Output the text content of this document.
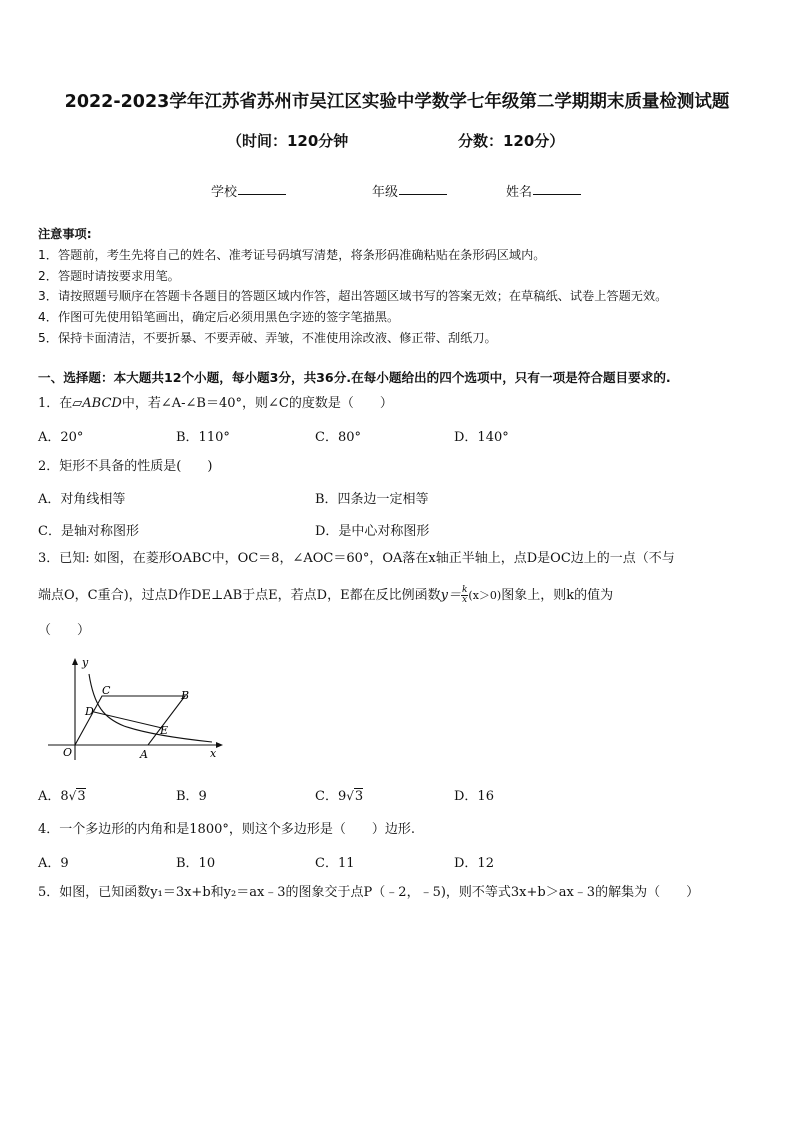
2022-2023学年江苏省苏州市吴江区实验中学数学七年级第二学期期末质量检测试题
（时间：120分钟	分数：120分）
学校	年级	姓名
注意事项:
1．答题前，考生先将自己的姓名、准考证号码填写清楚，将条形码准确粘贴在条形码区域内。
2．答题时请按要求用笔。
3．请按照题号顺序在答题卡各题目的答题区域内作答，超出答题区域书写的答案无效；在草稿纸、试卷上答题无效。
4．作图可先使用铅笔画出，确定后必须用黑色字迹的签字笔描黑。
5．保持卡面清洁，不要折暴、不要弄破、弄皱，不准使用涂改液、修正带、刮纸刀。
一、选择题：本大题共12个小题，每小题3分，共36分.在每小题给出的四个选项中，只有一项是符合题目要求的.
1．在▱ABCD中，若∠A-∠B＝40°，则∠C的度数是（　　）
A．20°	B．110°	C．80°	D．140°
2．矩形不具备的性质是(　　)
A．对角线相等	B．四条边一定相等
C．是轴对称图形	D．是中心对称图形
3．已知: 如图，在菱形OABC中，OC＝8，∠AOC＝60°，OA落在x轴正半轴上，点D是OC边上的一点（不与
端点O，C重合)，过点D作DE⊥AB于点E，若点D，E都在反比例函数$y= \frac{k}{x} (x>0)$图象上，则k的值为
（　　）
y
x
O	A
B
C
D
E
A．8√3	B．9	C．9√3	D．16
4．一个多边形的内角和是1800°，则这个多边形是（　　）边形.
A．9	B．10	C．11	D．12
5．如图，已知函数y₁＝3x+b和y₂＝ax﹣3的图象交于点P（﹣2，﹣5)，则不等式3x+b＞ax﹣3的解集为（　　）
